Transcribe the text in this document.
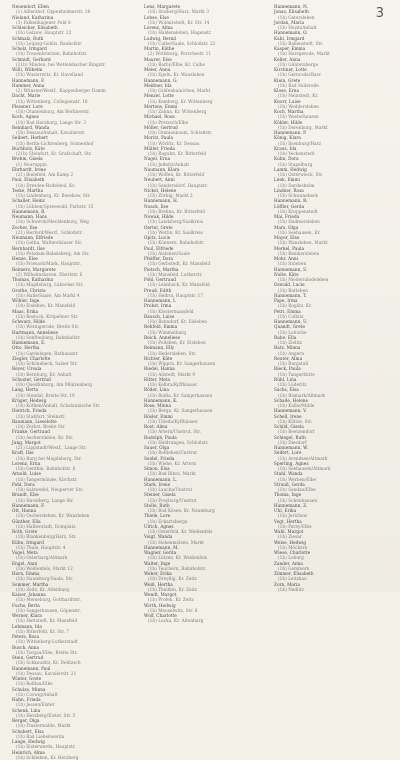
3
Neuendorf, Ellen
(1) Adlershof, Oppenheimerstr. 18
Nieland, Katharina
(3) Falkenhagener Feld 8
Schleicher, Elisabeth
(1b) Golzow, Hauptstr. 22
Schmalz, Ruth
(1b) Leipzig-Gohlis, Bauhofstr.
Scholz, Irmgard
(1b) Treuenbrietzen, Bahnhofstr.
Schmidt, Gerhard
(21b) Minden, bei Wettelsbacher Ringstr.
Willi, Wilhelm
(1b) Wusterwitz, Kr. Havelland
Hannemann, F.
Hammer, Anna
(2) Münster/Westf., Kappenberger Damm
Dacht, Marie
(1b) Wittenberg, Collegienstr. 18
Plessner, Lore
(1b) Oranienburg, Am Berlinerstr.
Koch, Agnes
(1b) Bad Harzburg, Lange Str. 3
Reinhard, Wanda
(1b) Dessau/Anhalt, Kavalierstr.
Seibert, Herbert
(1b) Berlin-Lichtenberg, Sonnenhof
Buchholz, Käte
(21b) Steinfurt, Kr. Grafschaft, Str.
Brehm, Gisela
(1) Neuruppin
Ehrhardt, Irene
(21) Bielefeld, Am Kamp 2
Paul, Elisabeth
(1b) Dresden-Radebeul, Kr.
Teske, Martha
(1b) Lindenberg, Kr. Beeskow, Str.
Schaller, Heinz
(1b) Lübben/Spreewald, Parkstr. 15
Hannemann, B.
Neumann, Hans
(1b) Schwerin/Mecklenburg, Weg
Zocher, Ilse
(21) Herford/Westf., Schloßstr.
Neumann, Elfriede
(1b) Gotha, Waltershäuser Str.
Bernhardt, Ilse
(1b) Potsdam-Babelsberg, Am Str.
Henze, Else
(1b) Friesack/Mark, Hauptstr.
Reimers, Margarete
(2) Wilhelmshaven, Ebertstr. 6
Thomas, Katharina
(1b) Magdeburg, Lübecker Str.
Grothe, Christa
(1b) Halle/Saale, Am Markt 4
Wöhler, Inge
(1b) Eisleben, Kr. Mansfeld
Maas, Erika
(1b) Rostock, Kröpeliner Str.
Schwarz, Hilde
(1b) Wernigerode, Breite Str.
Hartmann, Anneliese
(1b) Senftenberg, Bahnhofstr.
Hannemann, E.
Otto, Hertha
(1b) Gardelegen, Rathausstr.
Ziegler, Charlotte
(1b) Schönebeck, Salzer Str.
Beyer, Ursula
(1b) Bernburg, Kr. Anhalt
Schuster, Gertrud
(1b) Quedlinburg, Am Münzenberg
Lang, Herta
(1b) Stendal, Breite Str. 19
Krüger, Hedwig
(1b) Köthen/Anhalt, Schalaunische Str.
Dietrich, Frieda
(1b) Staßfurt, Steinstr.
Baumann, Lieselotte
(1b) Zerbst, Breite Str.
Franke, Gertraud
(1b) Aschersleben, Kr. Str.
Jung, Margot
(21) Lippstadt/Westf., Lange Str.
Kraft, Ilse
(1b) Burg bei Magdeburg, Str.
Lorenz, Erna
(1b) Genthin, Bahnhofstr. 6
Arnold, Luise
(1b) Tangermünde, Kirchstr.
Pohl, Dora
(1b) Salzwedel, Neuperver Str.
Brandt, Else
(1b) Havelberg, Lange Str.
Hannemann, F.
Ott, Hanna
(1b) Oschersleben, Kr. Wanzleben
Günther, Ella
(1b) Halberstadt, Domplatz
Roth, Grete
(1b) Blankenburg/Harz, Str.
Kühn, Irmgard
(1b) Thale, Hauptstr. 4
Vogel, Meta
(1b) Osterburg/Altmark
Engel, Anni
(1b) Weißenfels, Markt 12
Horn, Emma
(1b) Naumburg/Saale, Str.
Sommer, Martha
(1b) Zeitz, Kr. Altenburg
Kaiser, Johanna
(1b) Merseburg, Gotthardtstr.
Fuchs, Berta
(1b) Sangerhausen, Göpenstr.
Werner, Klara
(1b) Hettstedt, Kr. Mansfeld
Lehmann, Ida
(1b) Bitterfeld, Kr. Str. 7
Peters, Rosa
(1b) Wittenberg-Lutherstadt
Busch, Anna
(1b) Torgau/Elbe, Breite Str.
Stein, Gertrud
(1b) Schkeuditz, Kr. Delitzsch
Hannemann, Paul
(1b) Dessau, Kavalierstr. 21
Winter, Grete
(1b) Roßlau/Elbe
Schulze, Minna
(1b) Coswig/Anhalt
Hahn, Frieda
(1b) Jessen/Elster
Schenk, Lina
(1b) Herzberg/Elster, Str. 3
Berger, Olga
(1b) Finsterwalde, Markt
Schubert, Elsa
(1b) Bad Liebenwerda
Lange, Hedwig
(1b) Elsterwerda, Hauptstr.
Heinrich, Alma
(1b) Schlieben, Kr. Herzberg
Lenz, Margarete
(1b) Stolberg/Harz, Markt 3
Lohse, Else
(1b) Wolmirstedt, Kr. Str. 14
Lorenz, Alma
(1b) Haldensleben, Hagenstr.
Ludwig, Bernd
(1b) Calbe/Saale, Schloßstr. 22
Martin, Käthe
(2) Wolfsburg, Porschestr. 11
Maurer, Else
(1b) Barby/Elbe, Kr. Calbe
Meier, Anna
(1b) Egeln, Kr. Wanzleben
Hannemann, G.
Meißner, Ida
(1b) Gräfenhainichen, Markt
Menzel, Lotte
(1b) Kemberg, Kr. Wittenberg
Mertens, Emmi
(1b) Zahna, Kr. Wittenberg
Michael, Rosa
(1b) Pretzsch/Elbe
Möller, Gertrud
(1b) Oranienbaum, Schloßstr.
Moritz, Paula
(1b) Wörlitz, Kr. Dessau
Müller, Frieda
(1b) Raguhn, Kr. Bitterfeld
Nagel, Erna
(1b) Jeßnitz/Anhalt
Naumann, Klara
(1b) Wolfen, Kr. Bitterfeld
Neubert, Anni
(1b) Sandersdorf, Hauptstr.
Nickel, Helene
(1b) Zörbig, Markt 2
Hannemann, H.
Noack, Ilse
(1b) Brehna, Kr. Bitterfeld
Nowak, Hilde
(1b) Landsberg/Saalkreis
Oertel, Grete
(1b) Wettin, Kr. Saalkreis
Opitz, Lucie
(1b) Könnern, Bahnhofstr.
Paul, Elfriede
(1b) Alsleben/Saale
Pfeiffer, Dora
(1b) Gerbstedt, Kr. Mansfeld
Pietsch, Martha
(1b) Mansfeld, Lutherstr.
Pohl, Gertraud
(1b) Leimbach, Kr. Mansfeld
Preuß, Edith
(1b) Helbra, Hauptstr. 17
Hannemann, I.
Probst, Irma
(1b) Klostermansfeld
Rausch, Luise
(1b) Benndorf, Kr. Eisleben
Rehfeld, Emma
(1b) Wimmelburg
Reich, Anneliese
(1b) Polleben, Kr. Eisleben
Reimann, Elly
(1b) Hedersleben, Str.
Richter, Käte
(1b) Wippra, Kr. Sangerhausen
Riedel, Hanna
(1b) Allstedt, Markt 9
Ritter, Meta
(1b) Kelbra/Kyffhäuser
Röder, Lina
(1b) Roßla, Kr. Sangerhausen
Hannemann, K.
Rose, Minna
(1b) Berga, Kr. Sangerhausen
Rösler, Emmi
(1b) Tilleda/Kyffhäuser
Rost, Alma
(1b) Artern/Unstrut, Str.
Rudolph, Paula
(1b) Heldrungen, Schloßstr.
Sauer, Olga
(1b) Roßleben/Unstrut
Seidel, Frieda
(1b) Wiehe, Kr. Artern
Simon, Elsa
(1b) Bad Bibra, Markt
Hannemann, L.
Stark, Irene
(1b) Laucha/Unstrut
Steiner, Gisela
(1b) Freyburg/Unstrut
Stolle, Ruth
(1b) Bad Kösen, Kr. Naumburg
Thiele, Lore
(1b) Eckartsberga
Ulrich, Agnes
(1b) Osterfeld, Kr. Weißenfels
Voigt, Wanda
(1b) Hohenmölsen, Markt
Hannemann, M.
Wagner, Gerda
(1b) Lützen, Kr. Weißenfels
Walter, Inge
(1b) Teuchern, Bahnhofstr.
Weber, Erika
(1b) Droyßig, Kr. Zeitz
Weiß, Hertha
(1b) Theißen, Kr. Zeitz
Wendt, Margot
(1b) Profen, Kr. Zeitz
Wirth, Hedwig
(1b) Meuselwitz, Str. 8
Wolf, Charlotte
(1b) Lucka, Kr. Altenburg
Hannemann, N.
Jonas, Elisabeth
(1b) Gatersleben
Jordan, Maria
(1b) Hoym/Anhalt
Hannemann, O.
Kahl, Irmgard
(1b) Ballenstedt, Str.
Kasper, Emma
(1b) Harzgerode, Markt
Keller, Anna
(1b) Güntersberge
Kirchner, Lotte
(1b) Gernrode/Harz
Klein, Grete
(1b) Bad Suderode
Klose, Erna
(1b) Neinstedt, Kr.
Knorr, Luise
(1b) Weddersleben
Koch, Martha
(1b) Westerhausen
Köhler, Hilde
(1b) Derenburg, Markt
Hannemann, P.
König, Klara
(1b) Ilsenburg/Harz
Kraus, Ida
(1b) Veckenstedt
Kuhn, Dora
(1b) Stapelburg
Lamm, Hedwig
(1b) Osterwieck, Str.
Lenk, Emmi
(1b) Dardesheim
Lindner, Rosa
(1b) Schwanebeck
Hannemann, R.
Löffler, Gerda
(1b) Kroppenstedt
Mai, Frieda
(1b) Hadmersleben
Marx, Olga
(1b) Seehausen, Kr.
Mayer, Else
(1b) Wanzleben, Markt
Merkel, Paula
(1b) Remkersleben
Mohr, Anni
(1b) Irxleben
Hannemann, S.
Nolte, Käte
(1b) Niederndodeleben
Oswald, Lucie
(1b) Barleben
Hannemann, T.
Pape, Irma
(1b) Rogätz, Kr.
Petri, Emma
(1b) Colbitz
Hannemann, U.
Quandt, Grete
(1b) Loitsche
Rabe, Ella
(1b) Zielitz
Ratz, Minna
(1b) Angern
Reuter, Alma
(1b) Burgstall
Rieck, Paula
(1b) Tangerhütte
Rühl, Lina
(1b) Lüderitz
Sachs, Elsa
(1b) Bismark/Altmark
Schade, Helene
(1b) Kalbe/Milde
Hannemann, V.
Schell, Irene
(1b) Klötze, Str.
Schild, Gisela
(1b) Beetzendorf
Schlegel, Ruth
(1b) Diesdorf
Hannemann, W.
Seifert, Lore
(1b) Arendsee/Altmark
Sperling, Agnes
(1b) Seehausen/Altmark
Stahl, Wanda
(1b) Werben/Elbe
Strauß, Gerda
(1b) Sandau/Elbe
Thoma, Inge
(1b) Schönhausen
Hannemann, Z.
Uhl, Erika
(1b) Jerichow
Vogt, Hertha
(1b) Parey/Elbe
Wahl, Margot
(1b) Ziesar
Weise, Hedwig
(1b) Möckern
Wiese, Charlotte
(1b) Loburg
Zander, Anna
(1b) Gommern
Zimmer, Elisabeth
(1b) Leitzkau
Zorn, Maria
(1b) Nedlitz
